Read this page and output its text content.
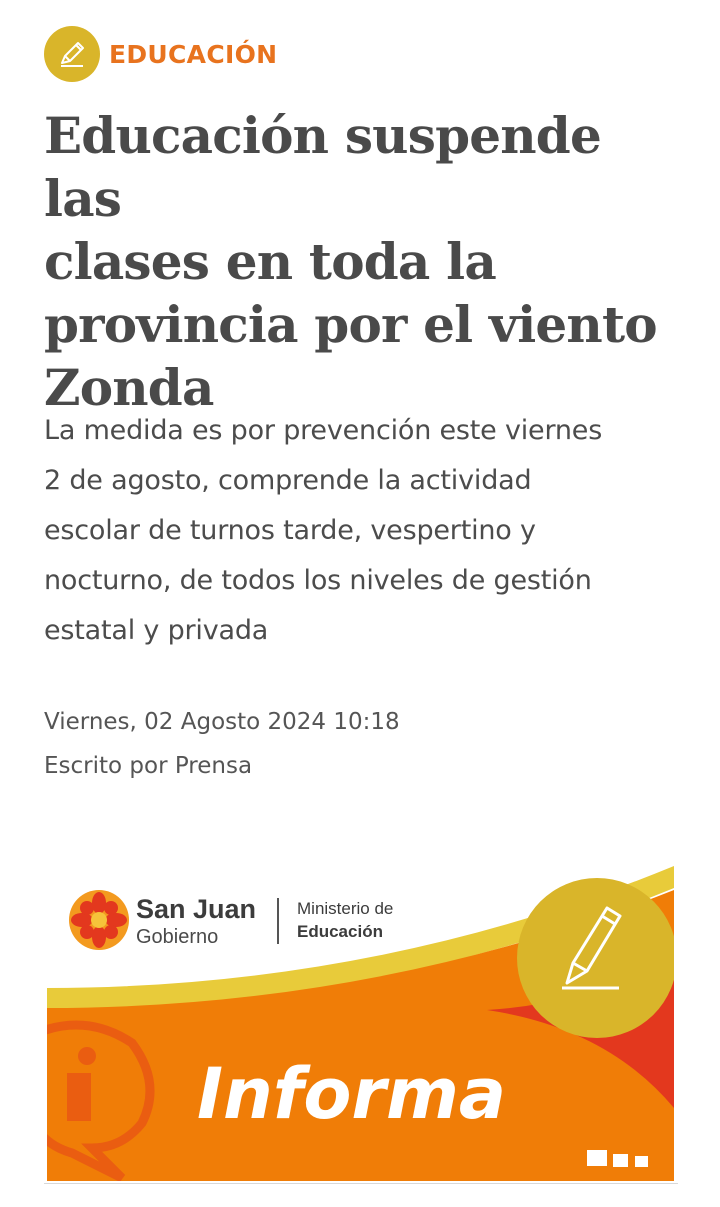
EDUCACIÓN
Educación suspende las
clases en toda la
provincia por el viento
Zonda

La medida es por prevención este viernes
2 de agosto, comprende la actividad
escolar de turnos tarde, vespertino y
nocturno, de todos los niveles de gestión
estatal y privada

Viernes, 02 Agosto 2024 10:18
Escrito por Prensa
San Juan
Gobierno
Ministerio de
Educación
Informa
